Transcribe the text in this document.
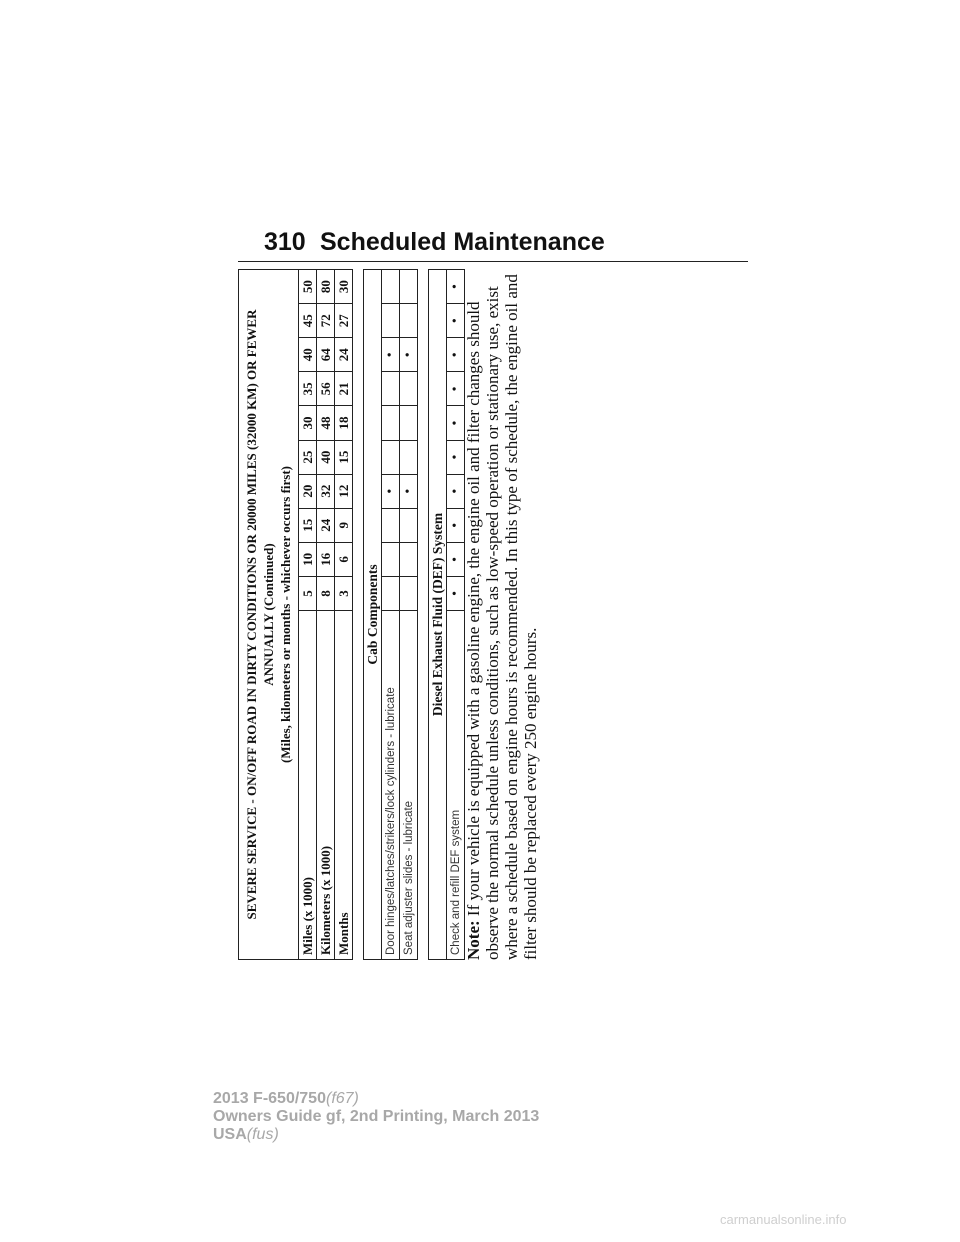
310 Scheduled Maintenance
SEVERE SERVICE - ON/OFF ROAD IN DIRTY CONDITIONS OR 20000 MILES (32000 KM) OR FEWER ANNUALLY (Continued) (Miles, kilometers or months - whichever occurs first)										

Miles (x 1000)	5	10	15	20	25	30	35	40	45	50
Kilometers (x 1000)	8	16	24	32	40	48	56	64	72	80
Months	3	6	9	12	15	18	21	24	27	30

Cab Components										
Door hinges/latches/strikers/lock cylinders - lubricate				•				•		
Seat adjuster slides - lubricate				•				•		

Diesel Exhaust Fluid (DEF) System										
Check and refill DEF system	•	•	•	•	•	•	•	•	•	•
Note: If your vehicle is equipped with a gasoline engine, the engine oil and filter changes should observe the normal schedule unless conditions, such as low-speed operation or stationary use, exist where a schedule based on engine hours is recommended. In this type of schedule, the engine oil and filter should be replaced every 250 engine hours.
2013 F-650/750(f67)
Owners Guide gf, 2nd Printing, March 2013
USA(fus)
carmanualsonline.info
